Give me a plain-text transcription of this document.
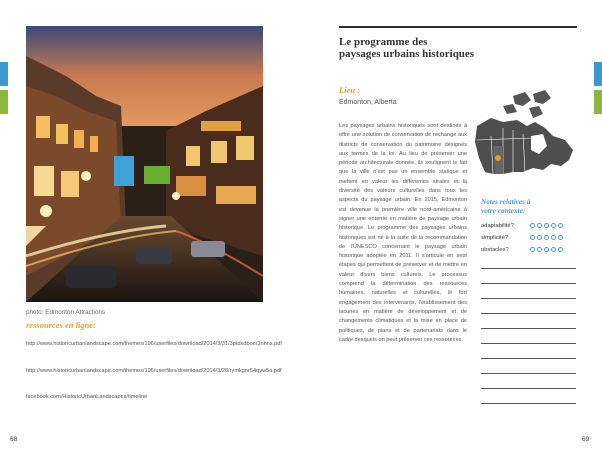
photo: Edmonton Attractions
ressources en ligne:
http://www.historicurbanlandscape.com/themes/196/userfiles/download/2014/3/31/3ptdxdbom3nhhs.pdf
http://www.historicurbanlandscape.com/themes/196/userfiles/download/2014/3/28/rymkpnr54qyw5a.pdf
facebook.com/HistoricUrbanLandscapes/timeline
68
Le programme des
paysages urbains historiques
Lieu :
Edmonton, Alberta
Les paysages urbains historiques sont destinés à offrir une solution de conservation de rechange aux districts de conservation du patrimoine désignés aux termes de la loi. Au lieu de préserver une période architecturale donnée, ils soulignent le fait que la ville n'est pas un ensemble statique et mettent en valeur les différentes strates et la diversité des valeurs culturelles dans tous les aspects du paysage urbain. En 2015, Edmonton est devenue la première ville nord-américaine à signer une entente en matière de paysage urbain historique. Le programme des paysages urbains historiques est né à la suite de la recommandation de l'UNESCO concernant le paysage urbain historique adoptée en 2011. Il s'articule en sept étapes qui permettent de préserver et de mettre en valeur divers biens culturels. Le processus comprend la détermination des ressources humaines, naturelles et culturelles, le fort engagement des intervenants, l'établissement des lacunes en matière de développement et de changements climatiques et la mise en place de politiques, de plans et de partenariats dans le cadre desquels on peut préserver ces ressources.
Notes relatives à
votre contexte:
adaptabilité?
simplicité?
obstacles?
69
